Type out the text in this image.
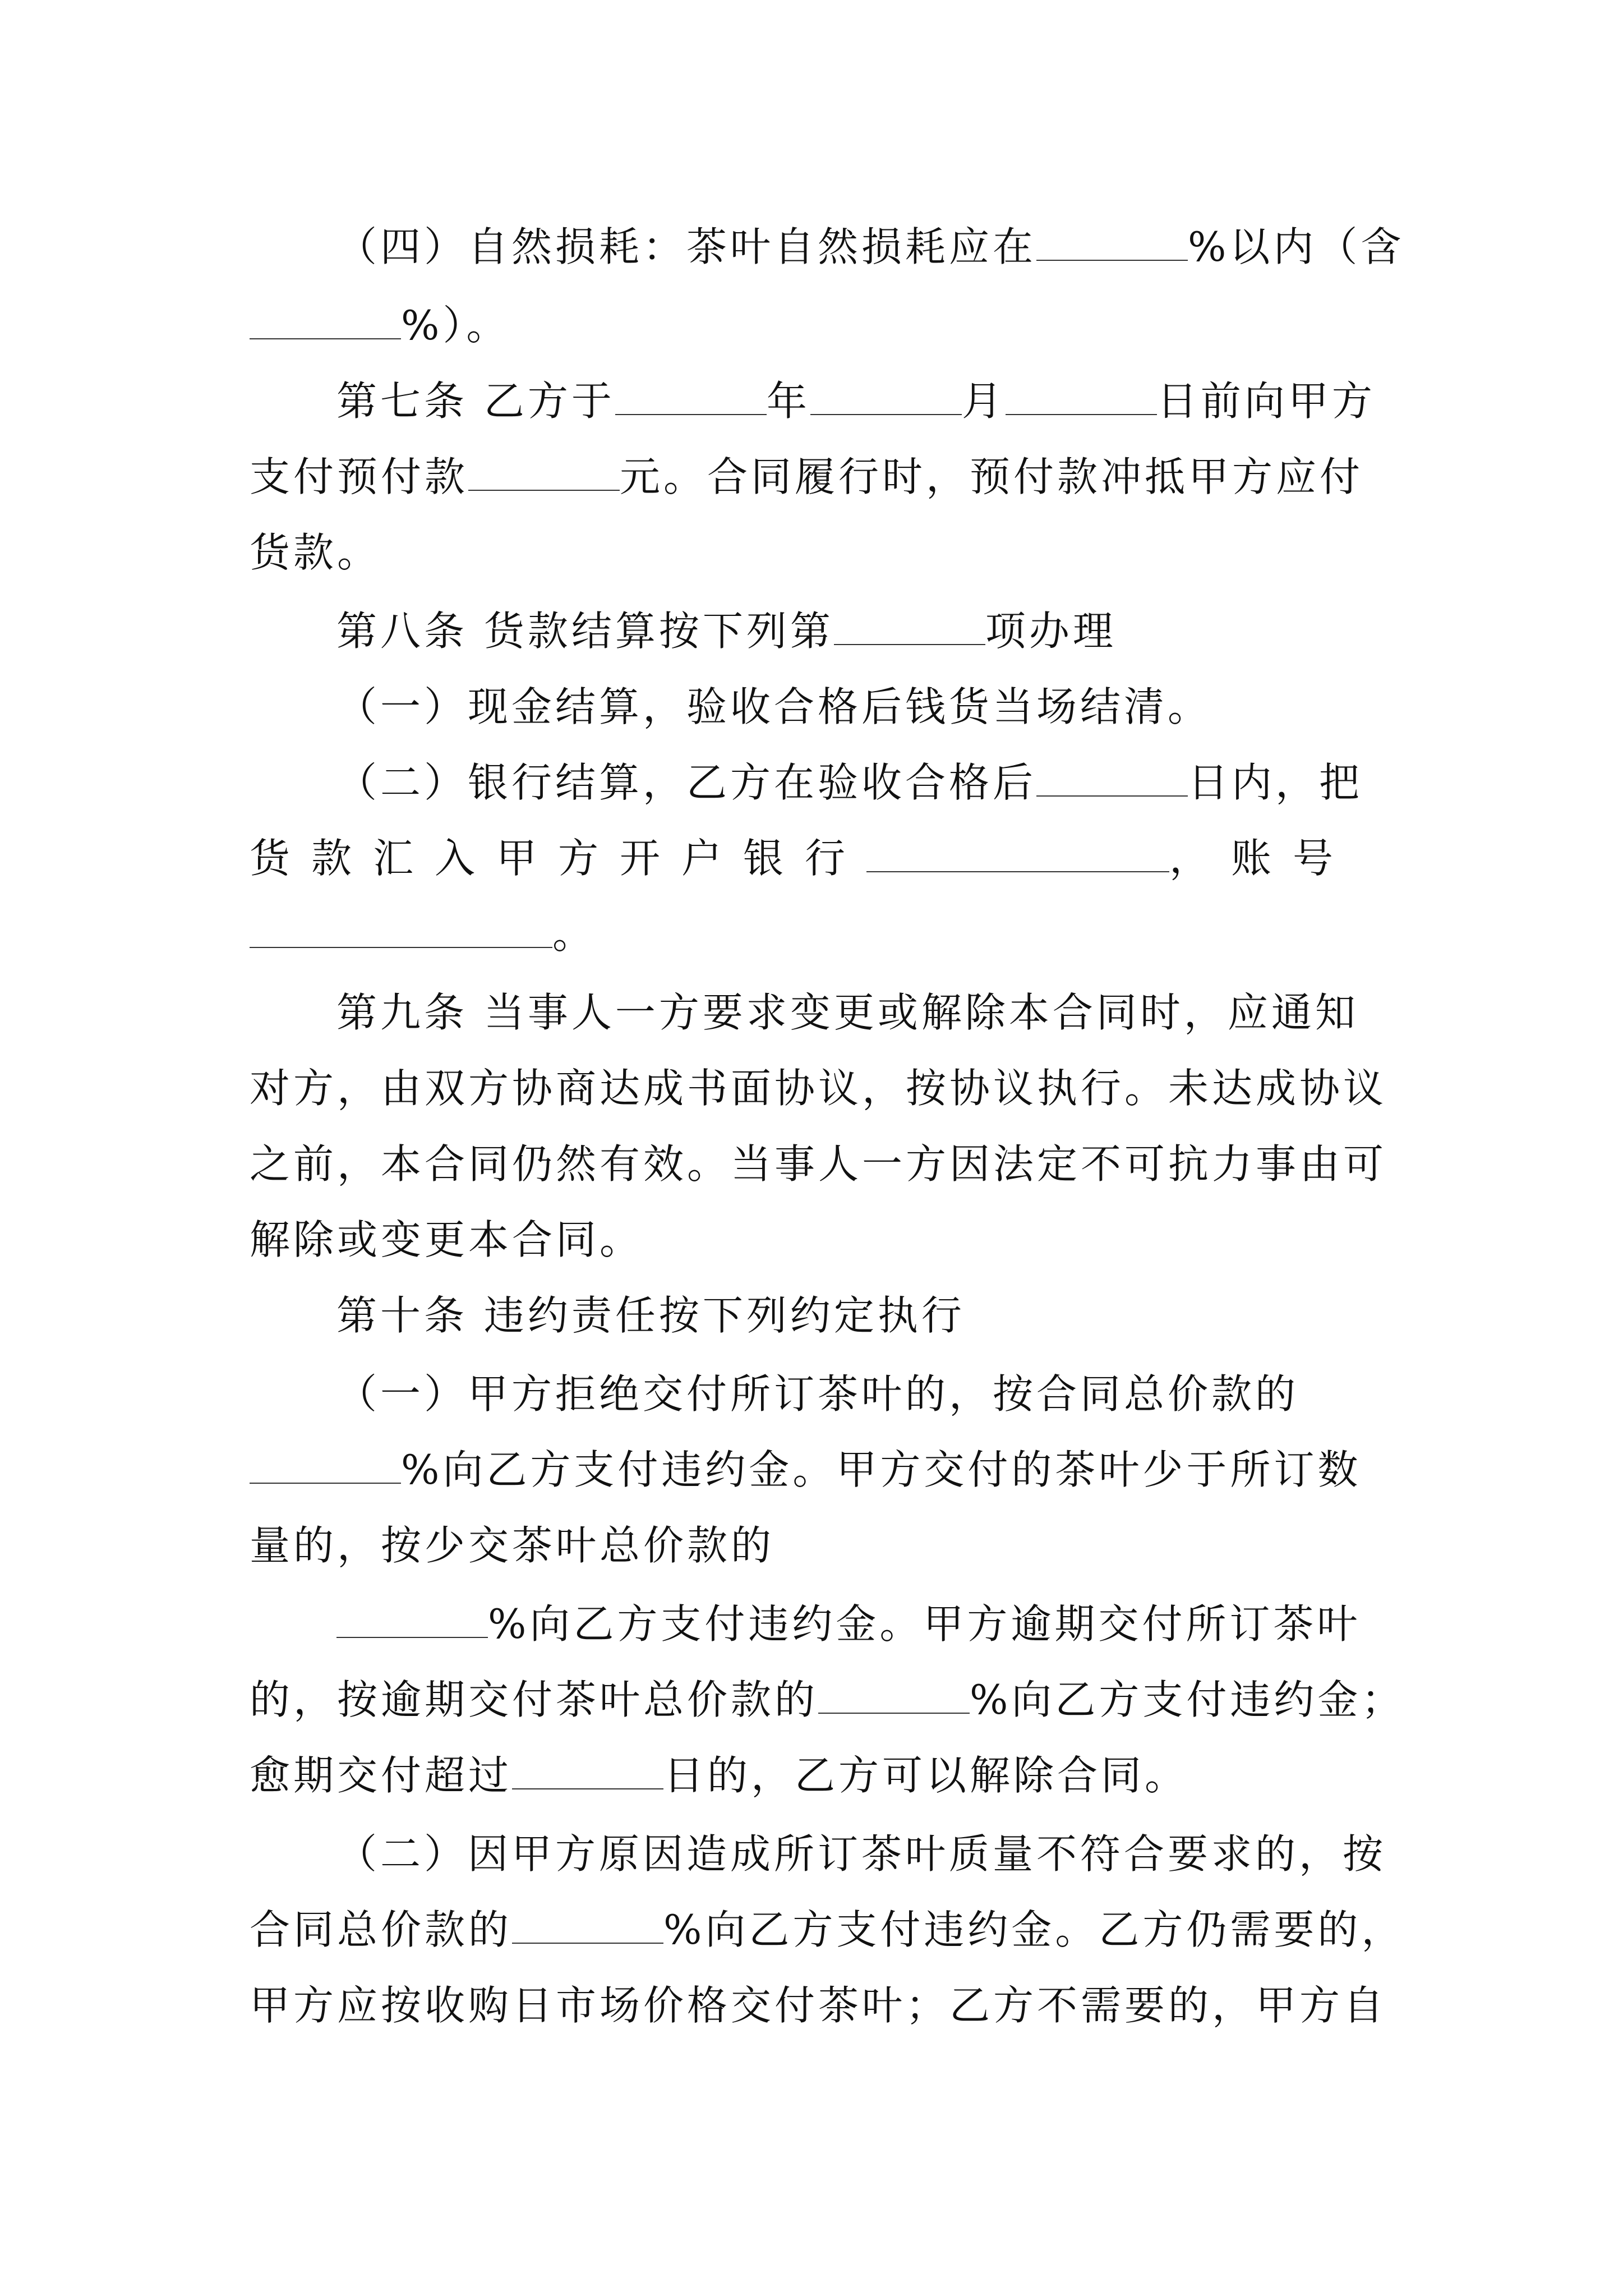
（四）自然损耗：茶叶自然损耗应在	%以内（含
%）。
第七条 乙方于	年	月	日前向甲方
支付预付款	元。合同履行时，预付款冲抵甲方应付
货款。
第八条 货款结算按下列第	项办理
（一）现金结算，验收合格后钱货当场结清。
（二）银行结算，乙方在验收合格后	日内，把
货款汇入甲方开户银行	，账号
。
第九条 当事人一方要求变更或解除本合同时，应通知
对方，由双方协商达成书面协议，按协议执行。未达成协议
之前，本合同仍然有效。当事人一方因法定不可抗力事由可
解除或变更本合同。
第十条 违约责任按下列约定执行
（一）甲方拒绝交付所订茶叶的，按合同总价款的
%向乙方支付违约金。甲方交付的茶叶少于所订数
量的，按少交茶叶总价款的
%向乙方支付违约金。甲方逾期交付所订茶叶
的，按逾期交付茶叶总价款的	%向乙方支付违约金；
愈期交付超过	日的，乙方可以解除合同。
（二）因甲方原因造成所订茶叶质量不符合要求的，按
合同总价款的	%向乙方支付违约金。乙方仍需要的，
甲方应按收购日市场价格交付茶叶；乙方不需要的，甲方自
